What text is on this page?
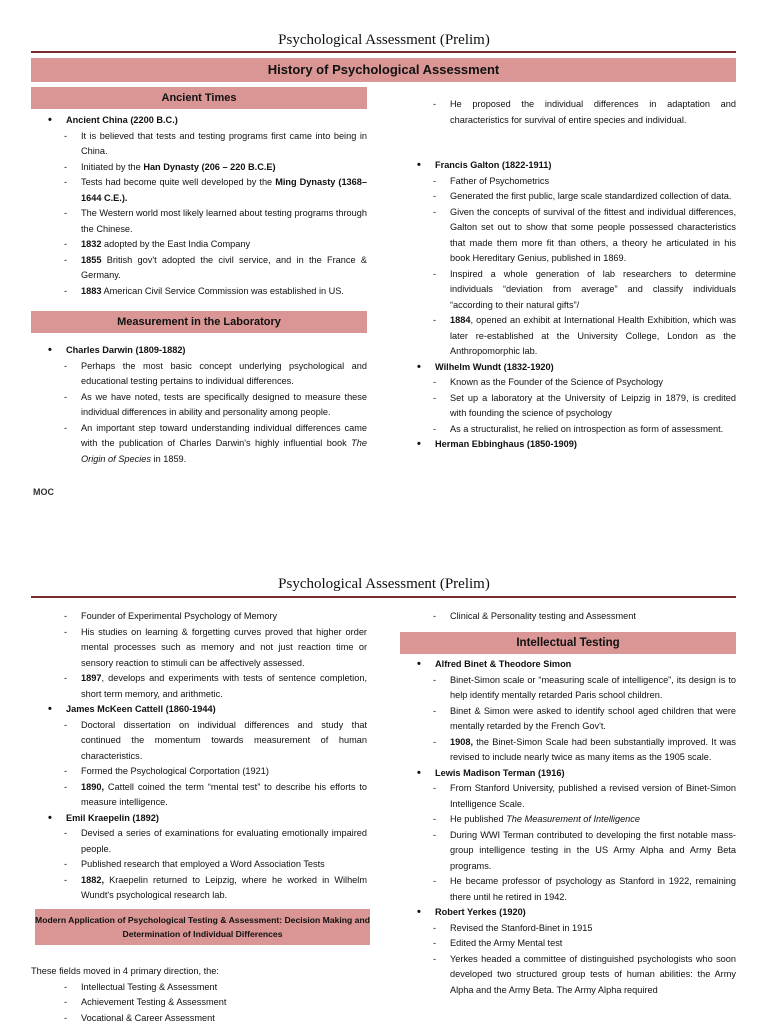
Psychological Assessment (Prelim)
History of Psychological Assessment
Ancient Times
• Ancient China (2200 B.C.)
- It is believed that tests and testing programs first came into being in China.
- Initiated by the Han Dynasty (206 – 220 B.C.E)
- Tests had become quite well developed by the Ming Dynasty (1368–1644 C.E.).
- The Western world most likely learned about testing programs through the Chinese.
- 1832 adopted by the East India Company
- 1855 British gov't adopted the civil service, and in the France & Germany.
- 1883 American Civil Service Commission was established in US.
Measurement in the Laboratory
• Charles Darwin (1809-1882)
- Perhaps the most basic concept underlying psychological and educational testing pertains to individual differences.
- As we have noted, tests are specifically designed to measure these individual differences in ability and personality among people.
- An important step toward understanding individual differences came with the publication of Charles Darwin's highly influential book The Origin of Species in 1859.
MOC
- He proposed the individual differences in adaptation and characteristics for survival of entire species and individual.
• Francis Galton (1822-1911)
- Father of Psychometrics
- Generated the first public, large scale standardized collection of data.
- Given the concepts of survival of the fittest and individual differences, Galton set out to show that some people possessed characteristics that made them more fit than others, a theory he articulated in his book Hereditary Genius, published in 1869.
- Inspired a whole generation of lab researchers to determine individuals “deviation from average” and classify individuals “according to their natural gifts”/
- 1884, opened an exhibit at International Health Exhibition, which was later re-established at the University College, London as the Anthropomorphic lab.
• Wilhelm Wundt (1832-1920)
- Known as the Founder of the Science of Psychology
- Set up a laboratory at the University of Leipzig in 1879, is credited with founding the science of psychology
- As a structuralist, he relied on introspection as form of assessment.
• Herman Ebbinghaus (1850-1909)
Psychological Assessment (Prelim)
- Founder of Experimental Psychology of Memory
- His studies on learning & forgetting curves proved that higher order mental processes such as memory and not just reaction time or sensory reaction to stimuli can be affectively assessed.
- 1897, develops and experiments with tests of sentence completion, short term memory, and arithmetic.
• James McKeen Cattell (1860-1944)
- Doctoral dissertation on individual differences and study that continued the momentum towards measurement of human characteristics.
- Formed the Psychological Corportation (1921)
- 1890, Cattell coined the term “mental test” to describe his efforts to measure intelligence.
• Emil Kraepelin (1892)
- Devised a series of examinations for evaluating emotionally impaired people.
- Published research that employed a Word Association Tests
- 1882, Kraepelin returned to Leipzig, where he worked in Wilhelm Wundt's psychological research lab.
Modern Application of Psychological Testing & Assessment: Decision Making and Determination of Individual Differences
These fields moved in 4 primary direction, the:
- Intellectual Testing & Assessment
- Achievement Testing & Assessment
- Vocational & Career Assessment
- Clinical & Personality testing and Assessment
Intellectual Testing
• Alfred Binet & Theodore Simon
- Binet-Simon scale or “measuring scale of intelligence”, its design is to help identify mentally retarded Paris school children.
- Binet & Simon were asked to identify school aged children that were mentally retarded by the French Gov't.
- 1908, the Binet-Simon Scale had been substantially improved. It was revised to include nearly twice as many items as the 1905 scale.
• Lewis Madison Terman (1916)
- From Stanford University, published a revised version of Binet-Simon Intelligence Scale.
- He published The Measurement of Intelligence
- During WWI Terman contributed to developing the first notable mass-group intelligence testing in the US Army Alpha and Army Beta programs.
- He became professor of psychology as Stanford in 1922, remaining there until he retired in 1942.
• Robert Yerkes (1920)
- Revised the Stanford-Binet in 1915
- Edited the Army Mental test
- Yerkes headed a committee of distinguished psychologists who soon developed two structured group tests of human abilities: the Army Alpha and the Army Beta. The Army Alpha required
